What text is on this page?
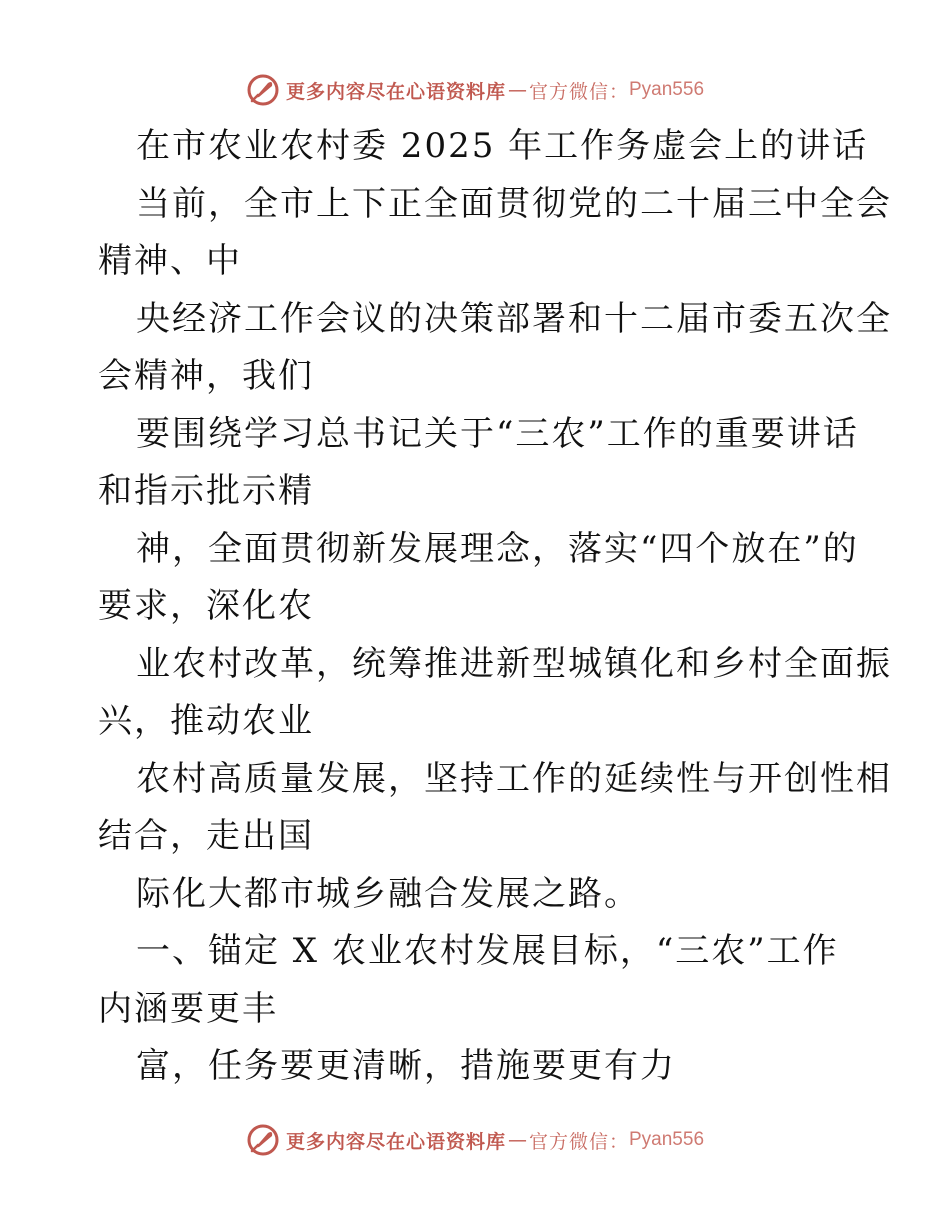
更多内容尽在心语资料库 — 官方微信： Pyan556
在市农业农村委 2025 年工作务虚会上的讲话
当前，全市上下正全面贯彻党的二十届三中全会
精神、中
央经济工作会议的决策部署和十二届市委五次全
会精神，我们
要围绕学习总书记关于“三农”工作的重要讲话
和指示批示精
神，全面贯彻新发展理念，落实“四个放在”的
要求，深化农
业农村改革，统筹推进新型城镇化和乡村全面振
兴，推动农业
农村高质量发展，坚持工作的延续性与开创性相
结合，走出国
际化大都市城乡融合发展之路。
一、锚定 X 农业农村发展目标，“三农”工作
内涵要更丰
富，任务要更清晰，措施要更有力
更多内容尽在心语资料库 — 官方微信： Pyan556
